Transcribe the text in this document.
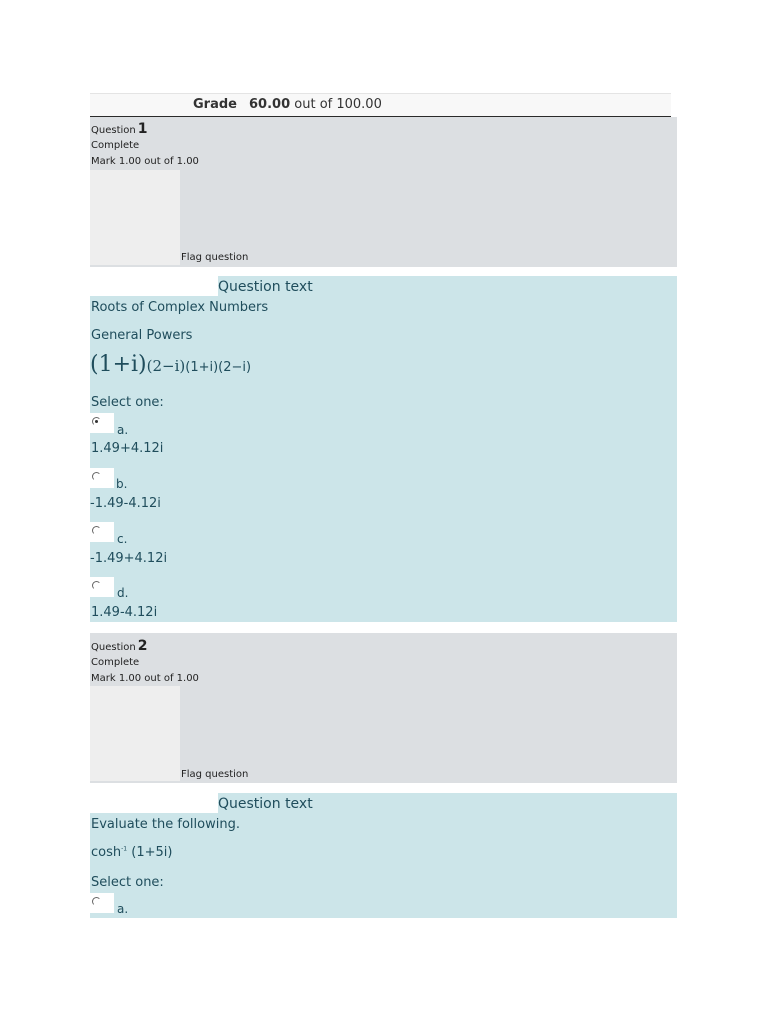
Grade 60.00 out of 100.00
Question 1
Complete
Mark 1.00 out of 1.00
Flag question
Question text
Roots of Complex Numbers
General Powers
(1+i)(2−i)(1+i)(2−i)
Select one:
a.
1.49+4.12i
b.
-1.49-4.12i
c.
-1.49+4.12i
d.
1.49-4.12i
Question 2
Complete
Mark 1.00 out of 1.00
Flag question
Question text
Evaluate the following.
$\cosh^{-1} (1+5i)$
Select one:
a.
